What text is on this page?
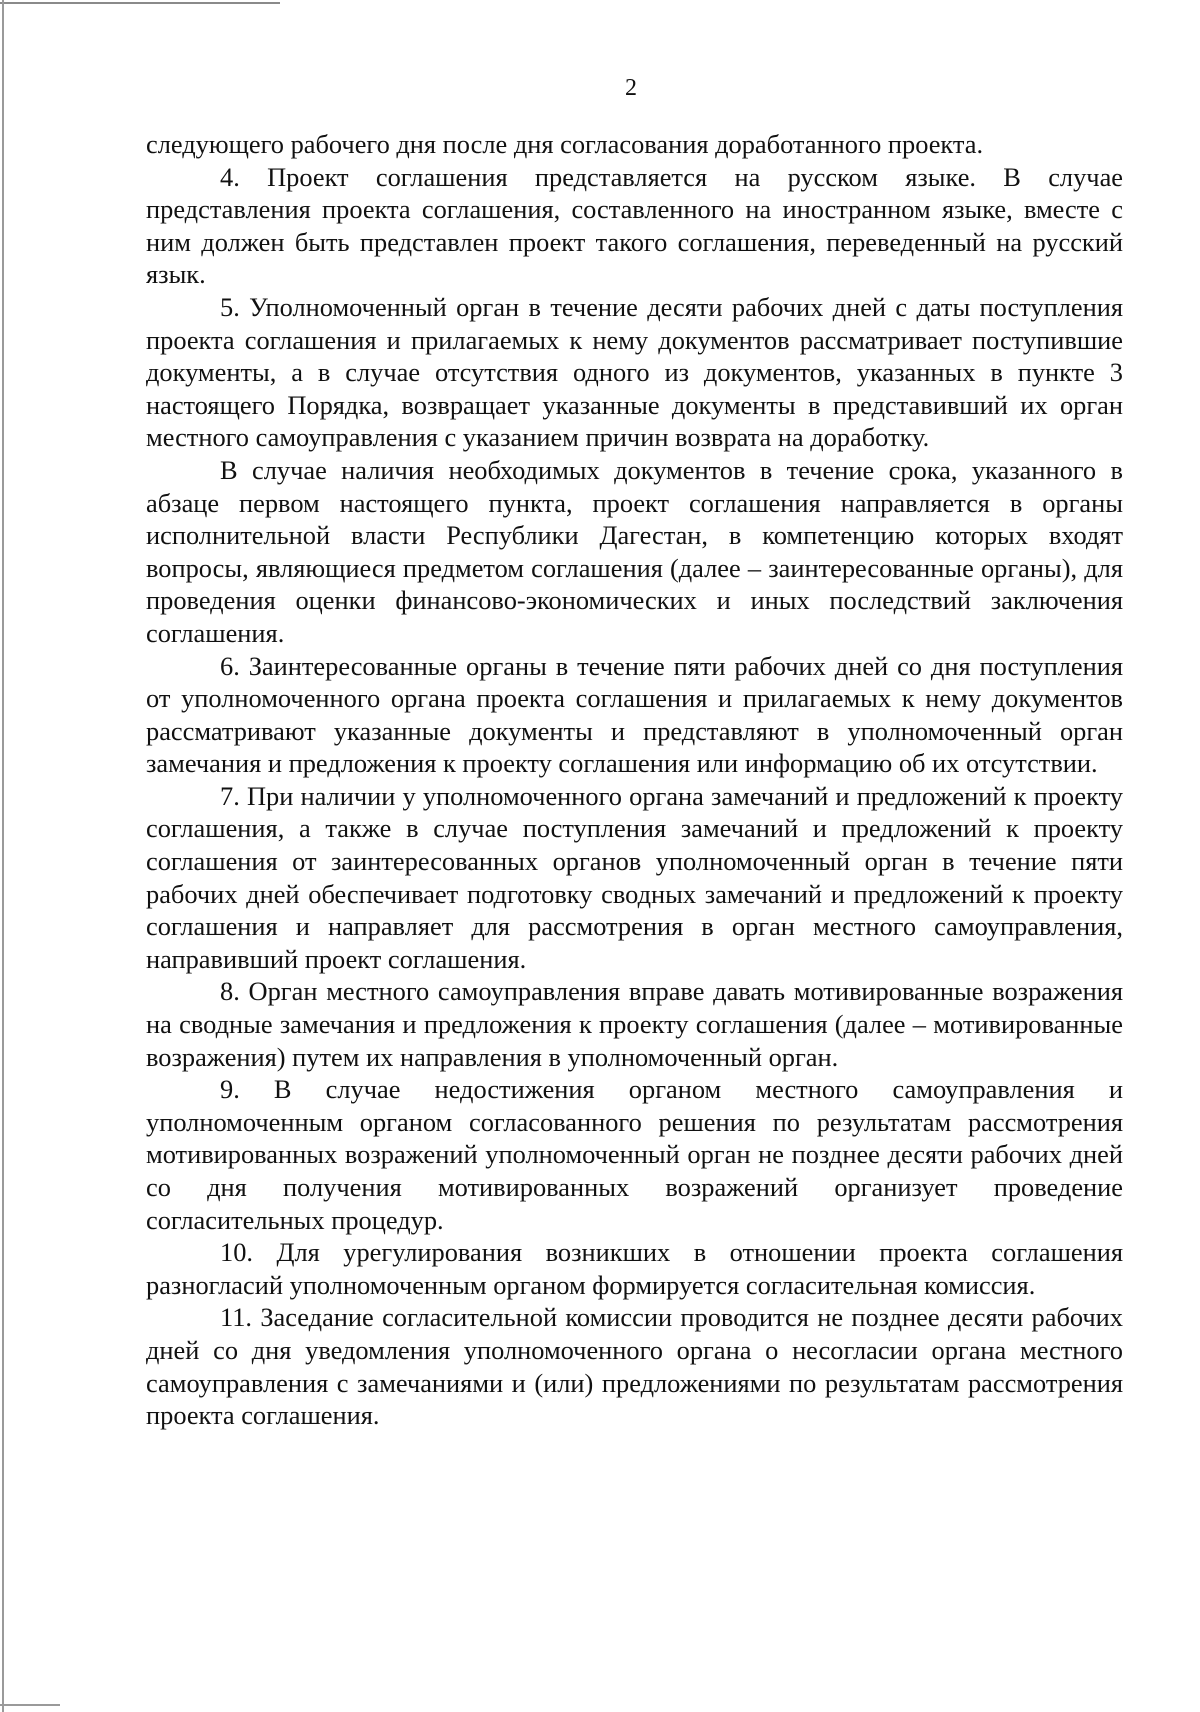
2

следующего рабочего дня после дня согласования доработанного проекта.

4. Проект соглашения представляется на русском языке. В случае представления проекта соглашения, составленного на иностранном языке, вместе с ним должен быть представлен проект такого соглашения, переведенный на русский язык.

5. Уполномоченный орган в течение десяти рабочих дней с даты поступления проекта соглашения и прилагаемых к нему документов рассматривает поступившие документы, а в случае отсутствия одного из документов, указанных в пункте 3 настоящего Порядка, возвращает указанные документы в представивший их орган местного самоуправления с указанием причин возврата на доработку.

В случае наличия необходимых документов в течение срока, указанного в абзаце первом настоящего пункта, проект соглашения направляется в органы исполнительной власти Республики Дагестан, в компетенцию которых входят вопросы, являющиеся предметом соглашения (далее – заинтересованные органы), для проведения оценки финансово-экономических и иных последствий заключения соглашения.

6. Заинтересованные органы в течение пяти рабочих дней со дня поступления от уполномоченного органа проекта соглашения и прилагаемых к нему документов рассматривают указанные документы и представляют в уполномоченный орган замечания и предложения к проекту соглашения или информацию об их отсутствии.

7. При наличии у уполномоченного органа замечаний и предложений к проекту соглашения, а также в случае поступления замечаний и предложений к проекту соглашения от заинтересованных органов уполномоченный орган в течение пяти рабочих дней обеспечивает подготовку сводных замечаний и предложений к проекту соглашения и направляет для рассмотрения в орган местного самоуправления, направивший проект соглашения.

8. Орган местного самоуправления вправе давать мотивированные возражения на сводные замечания и предложения к проекту соглашения (далее – мотивированные возражения) путем их направления в уполномоченный орган.

9. В случае недостижения органом местного самоуправления и уполномоченным органом согласованного решения по результатам рассмотрения мотивированных возражений уполномоченный орган не позднее десяти рабочих дней со дня получения мотивированных возражений организует проведение согласительных процедур.

10. Для урегулирования возникших в отношении проекта соглашения разногласий уполномоченным органом формируется согласительная комиссия.

11. Заседание согласительной комиссии проводится не позднее десяти рабочих дней со дня уведомления уполномоченного органа о несогласии органа местного самоуправления с замечаниями и (или) предложениями по результатам рассмотрения проекта соглашения.
